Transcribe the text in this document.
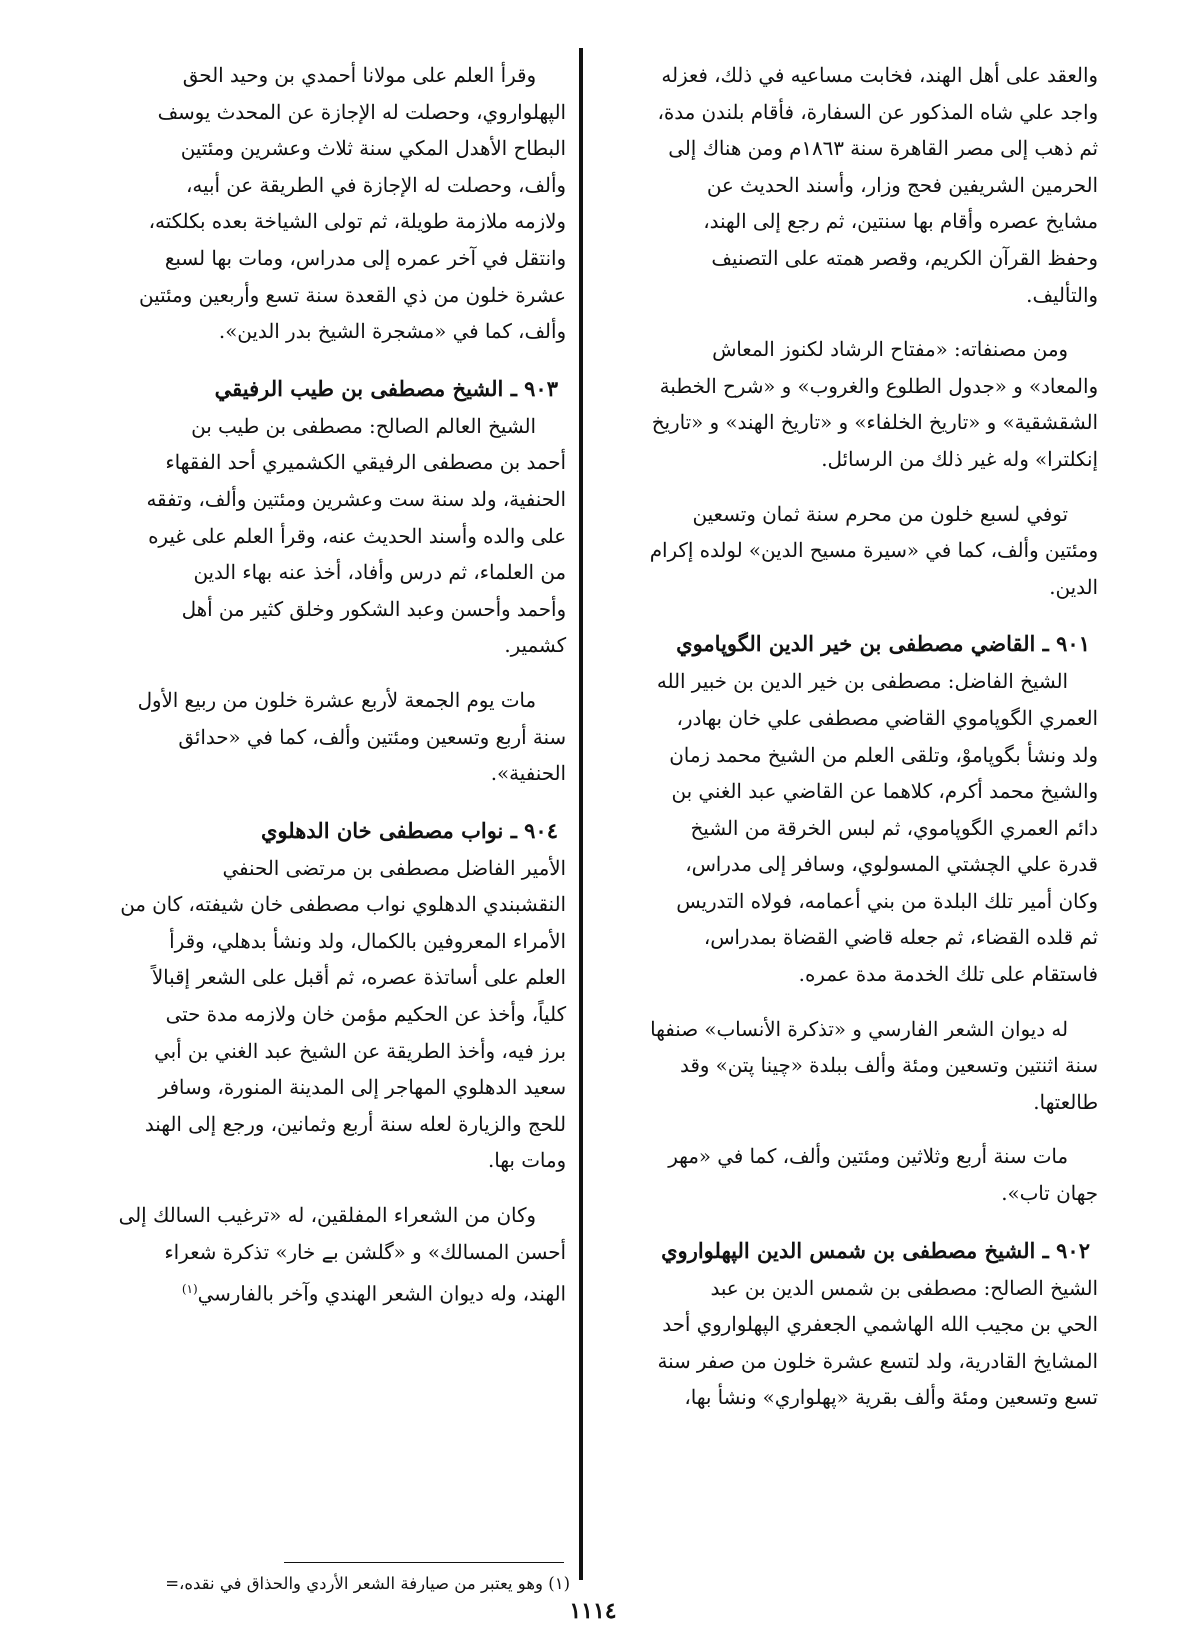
والعقد على أهل الهند، فخابت مساعيه في ذلك، فعزله
واجد علي شاه المذكور عن السفارة، فأقام بلندن مدة،
ثم ذهب إلى مصر القاهرة سنة ١٨٦٣م ومن هناك إلى
الحرمين الشريفين فحج وزار، وأسند الحديث عن
مشايخ عصره وأقام بها سنتين، ثم رجع إلى الهند،
وحفظ القرآن الكريم، وقصر همته على التصنيف
والتأليف.

ومن مصنفاته: «مفتاح الرشاد لكنوز المعاش
والمعاد» و «جدول الطلوع والغروب» و «شرح الخطبة
الشقشقية» و «تاريخ الخلفاء» و «تاريخ الهند» و «تاريخ
إنكلترا» وله غير ذلك من الرسائل.

توفي لسبع خلون من محرم سنة ثمان وتسعين
ومئتين وألف، كما في «سيرة مسيح الدين» لولده إكرام
الدين.

٩٠١ ـ القاضي مصطفى بن خير الدين الگوپاموي

الشيخ الفاضل: مصطفى بن خير الدين بن خبير الله
العمري الگوپاموي القاضي مصطفى علي خان بهادر،
ولد ونشأ بگوپاموْ، وتلقى العلم من الشيخ محمد زمان
والشيخ محمد أكرم، كلاهما عن القاضي عبد الغني بن
دائم العمري الگوپاموي، ثم لبس الخرقة من الشيخ
قدرة علي الچشتي المسولوي، وسافر إلى مدراس،
وكان أمير تلك البلدة من بني أعمامه، فولاه التدريس
ثم قلده القضاء، ثم جعله قاضي القضاة بمدراس،
فاستقام على تلك الخدمة مدة عمره.

له ديوان الشعر الفارسي و «تذكرة الأنساب» صنفها
سنة اثنتين وتسعين ومئة وألف ببلدة «چينا پتن» وقد
طالعتها.

مات سنة أربع وثلاثين ومئتين وألف، كما في «مهر
جهان تاب».

٩٠٢ ـ الشيخ مصطفى بن شمس الدين الپهلواروي

الشيخ الصالح: مصطفى بن شمس الدين بن عبد
الحي بن مجيب الله الهاشمي الجعفري الپهلواروي أحد
المشايخ القادرية، ولد لتسع عشرة خلون من صفر سنة
تسع وتسعين ومئة وألف بقرية «پهلواري» ونشأ بها،

وقرأ العلم على مولانا أحمدي بن وحيد الحق
الپهلواروي، وحصلت له الإجازة عن المحدث يوسف
البطاح الأهدل المكي سنة ثلاث وعشرين ومئتين
وألف، وحصلت له الإجازة في الطريقة عن أبيه،
ولازمه ملازمة طويلة، ثم تولى الشياخة بعده بكلكته،
وانتقل في آخر عمره إلى مدراس، ومات بها لسبع
عشرة خلون من ذي القعدة سنة تسع وأربعين ومئتين
وألف، كما في «مشجرة الشيخ بدر الدين».

٩٠٣ ـ الشيخ مصطفى بن طيب الرفيقي

الشيخ العالم الصالح: مصطفى بن طيب بن
أحمد بن مصطفى الرفيقي الكشميري أحد الفقهاء
الحنفية، ولد سنة ست وعشرين ومئتين وألف، وتفقه
على والده وأسند الحديث عنه، وقرأ العلم على غيره
من العلماء، ثم درس وأفاد، أخذ عنه بهاء الدين
وأحمد وأحسن وعبد الشكور وخلق كثير من أهل
كشمير.

مات يوم الجمعة لأربع عشرة خلون من ربيع الأول
سنة أربع وتسعين ومئتين وألف، كما في «حدائق
الحنفية».

٩٠٤ ـ نواب مصطفى خان الدهلوي

الأمير الفاضل مصطفى بن مرتضى الحنفي
النقشبندي الدهلوي نواب مصطفى خان شيفته، كان من
الأمراء المعروفين بالكمال، ولد ونشأ بدهلي، وقرأ
العلم على أساتذة عصره، ثم أقبل على الشعر إقبالاً
كلياً، وأخذ عن الحكيم مؤمن خان ولازمه مدة حتى
برز فيه، وأخذ الطريقة عن الشيخ عبد الغني بن أبي
سعيد الدهلوي المهاجر إلى المدينة المنورة، وسافر
للحج والزيارة لعله سنة أربع وثمانين، ورجع إلى الهند
ومات بها.

وكان من الشعراء المفلقين، له «ترغيب السالك إلى
أحسن المسالك» و «گلشن بے خار» تذكرة شعراء
الهند، وله ديوان الشعر الهندي وآخر بالفارسي$^{(١)}$

(١) وهو يعتبر من صيارفة الشعر الأردي والحذاق في نقده،=
١١١٤
